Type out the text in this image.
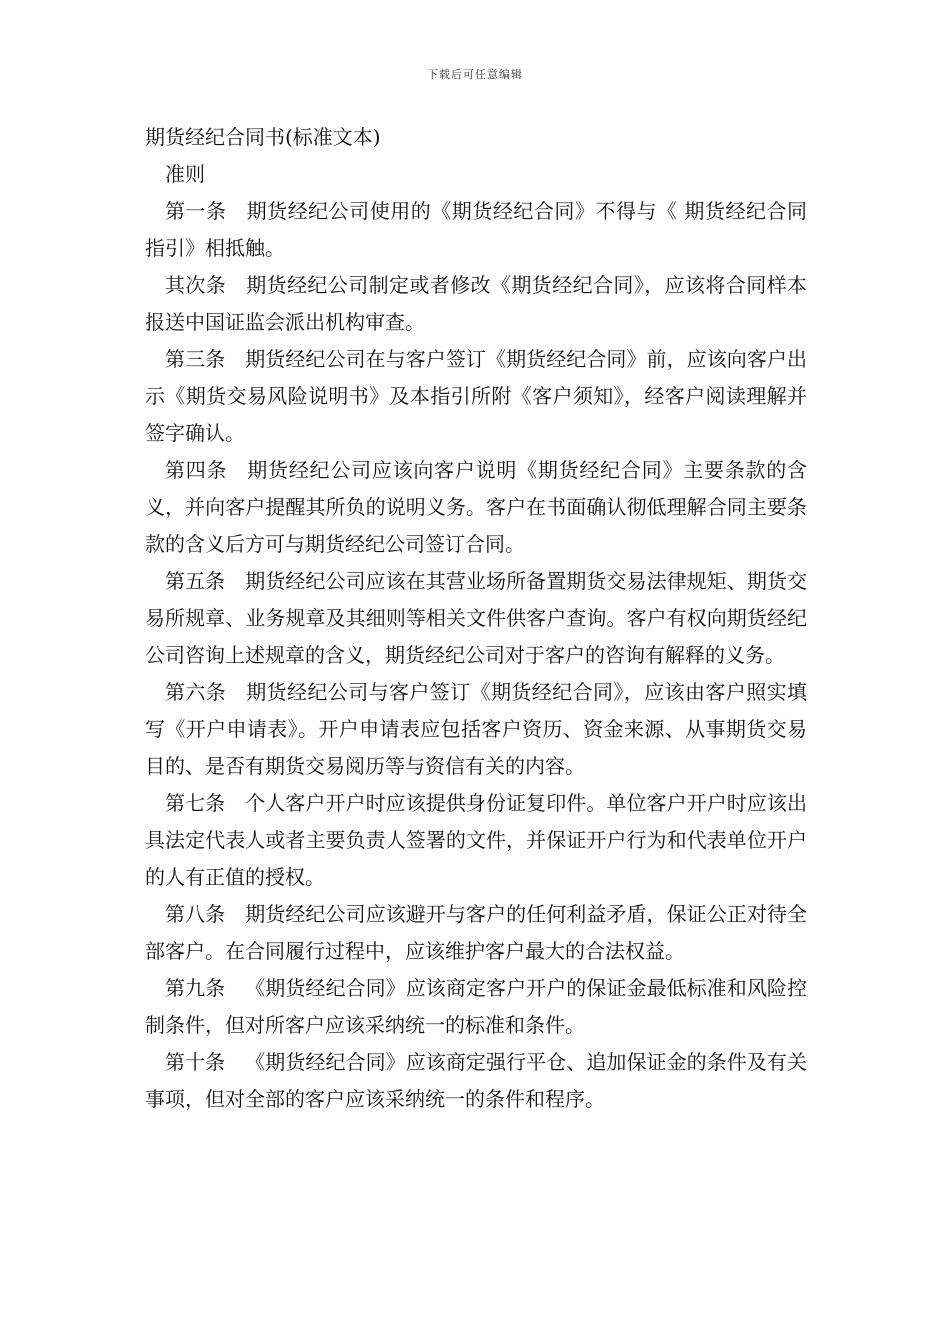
下载后可任意编辑
期货经纪合同书(标准文本)

准则

第一条 期货经纪公司使用的《期货经纪合同》不得与《 期货经纪合同 指引》相抵触。

其次条 期货经纪公司制定或者修改《期货经纪合同》，应该将合同样本报送中国证监会派出机构审查。

第三条 期货经纪公司在与客户签订《期货经纪合同》前，应该向客户出示《期货交易风险说明书》及本指引所附《客户须知》，经客户阅读理解并签字确认。

第四条 期货经纪公司应该向客户说明《期货经纪合同》主要条款的含义，并向客户提醒其所负的说明义务。客户在书面确认彻低理解合同主要条款的含义后方可与期货经纪公司签订合同。

第五条 期货经纪公司应该在其营业场所备置期货交易法律规矩、期货交易所规章、业务规章及其细则等相关文件供客户查询。客户有权向期货经纪公司咨询上述规章的含义，期货经纪公司对于客户的咨询有解释的义务。

第六条 期货经纪公司与客户签订《期货经纪合同》，应该由客户照实填写《开户申请表》。开户申请表应包括客户资历、资金来源、从事期货交易目的、是否有期货交易阅历等与资信有关的内容。

第七条 个人客户开户时应该提供身份证复印件。单位客户开户时应该出具法定代表人或者主要负责人签署的文件，并保证开户行为和代表单位开户的人有正值的授权。

第八条 期货经纪公司应该避开与客户的任何利益矛盾，保证公正对待全部客户。在合同履行过程中，应该维护客户最大的合法权益。

第九条 《期货经纪合同》应该商定客户开户的保证金最低标准和风险控制条件，但对所客户应该采纳统一的标准和条件。

第十条 《期货经纪合同》应该商定强行平仓、追加保证金的条件及有关事项，但对全部的客户应该采纳统一的条件和程序。
